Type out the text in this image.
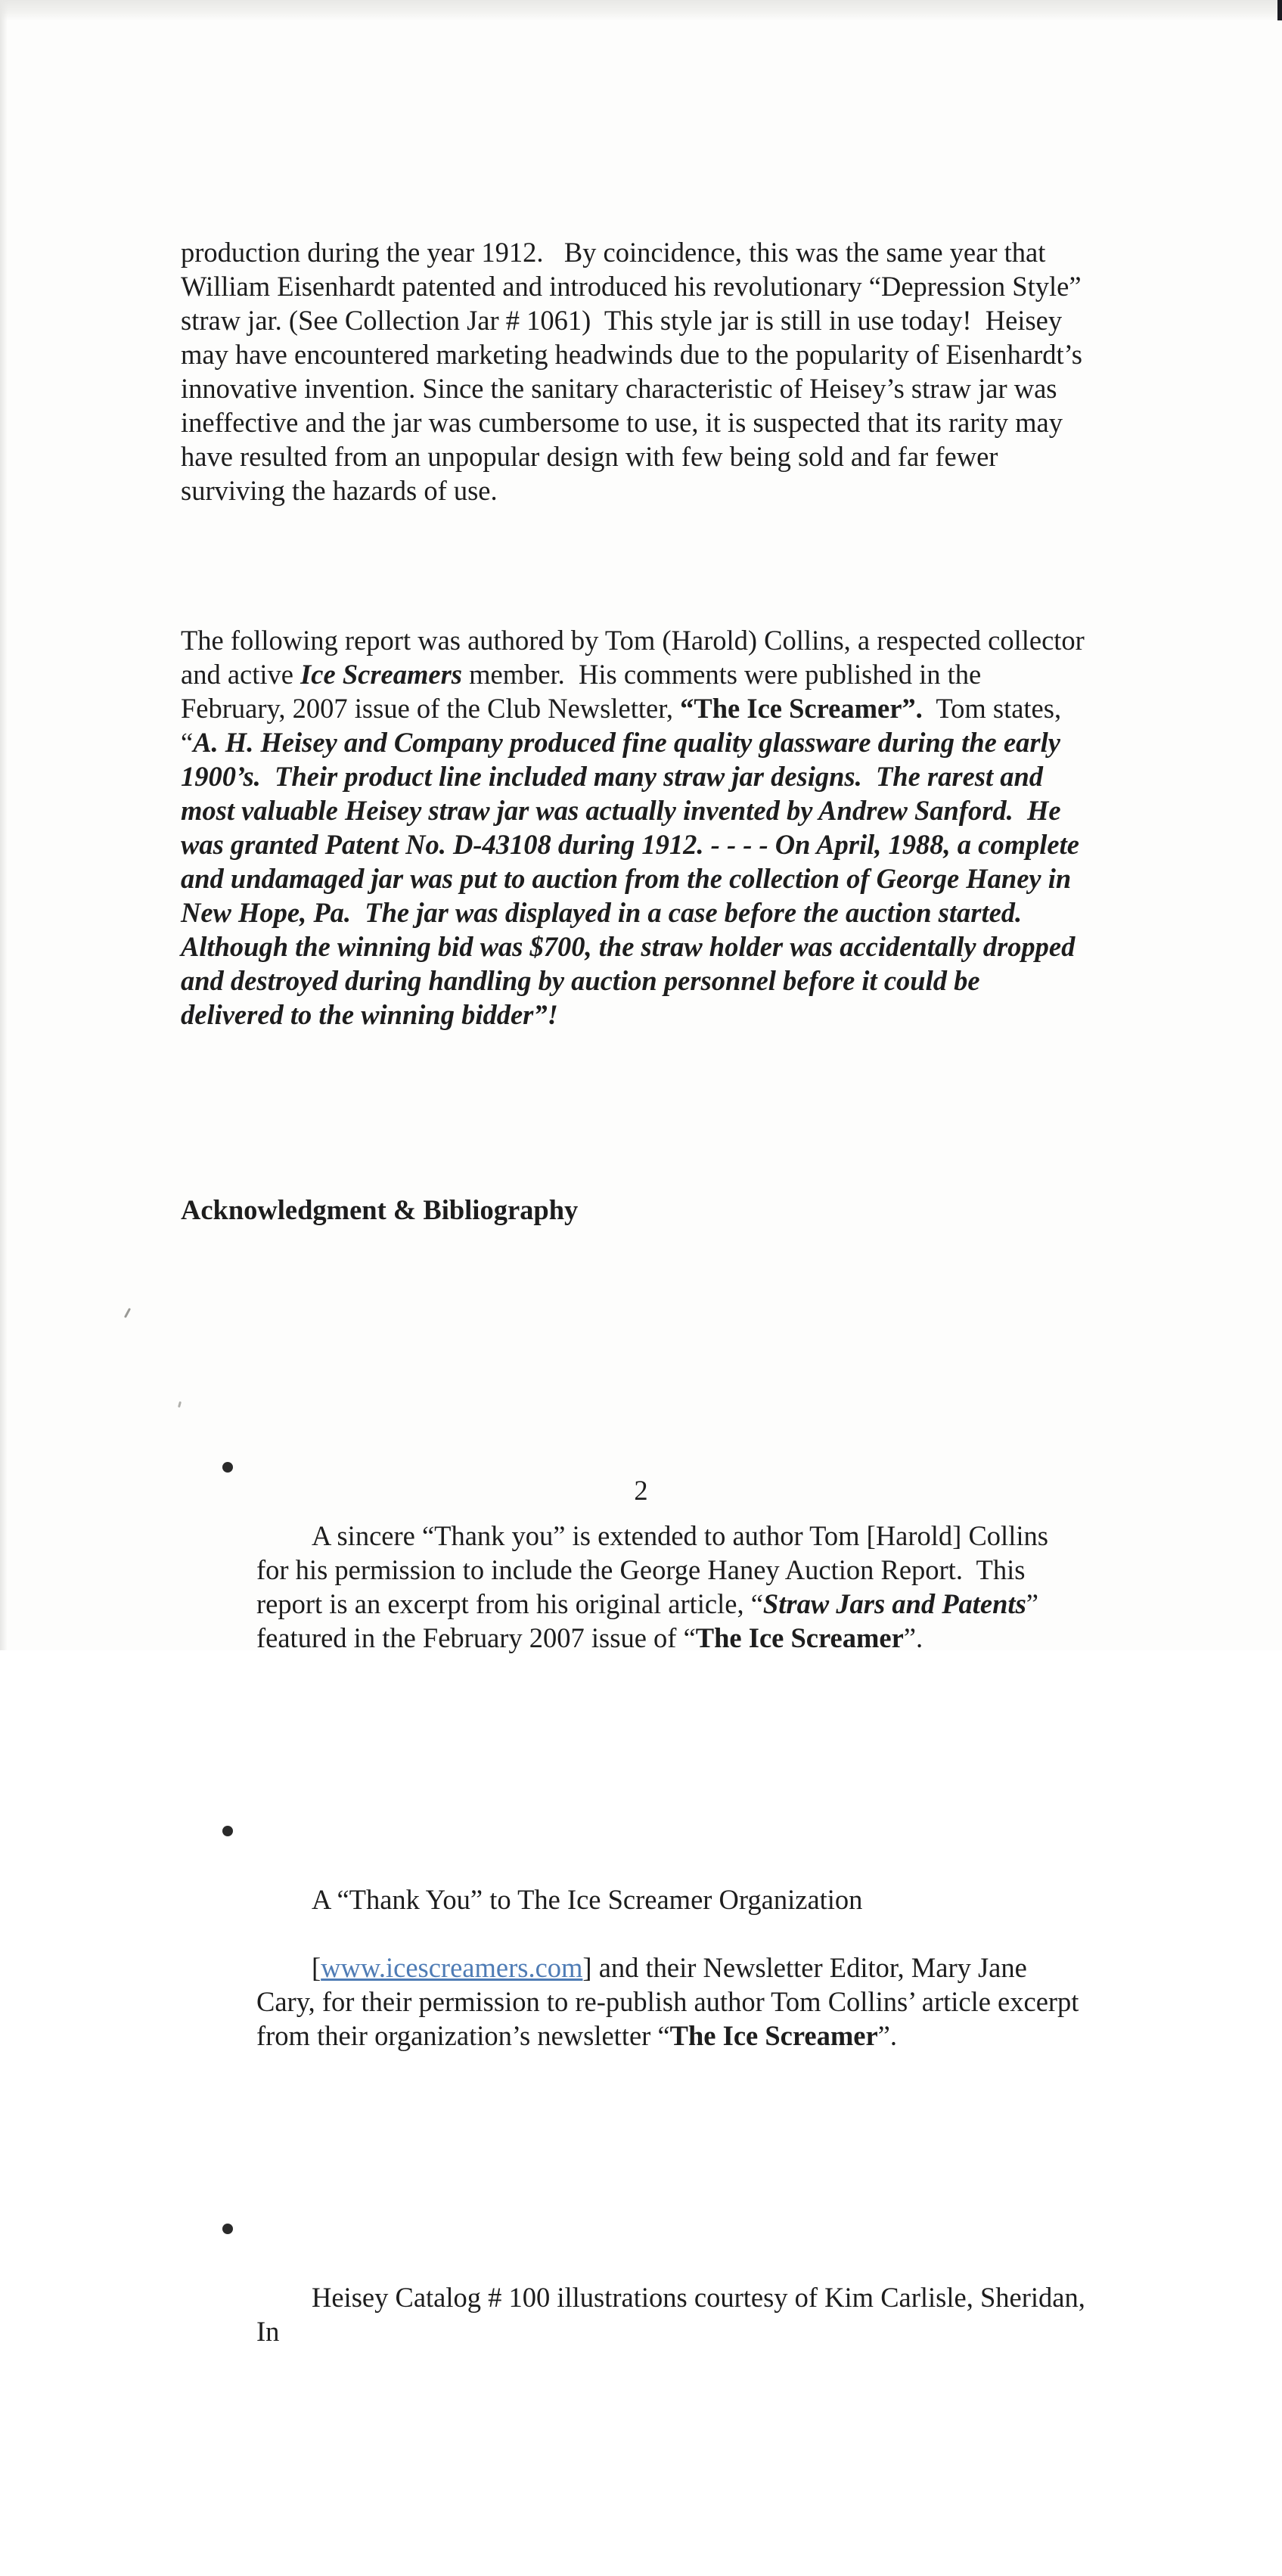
production during the year 1912.   By coincidence, this was the same year that William Eisenhardt patented and introduced his revolutionary “Depression Style” straw jar. (See Collection Jar # 1061)  This style jar is still in use today!  Heisey may have encountered marketing headwinds due to the popularity of Eisenhardt’s innovative invention. Since the sanitary characteristic of Heisey’s straw jar was ineffective and the jar was cumbersome to use, it is suspected that its rarity may have resulted from an unpopular design with few being sold and far fewer surviving the hazards of use.

The following report was authored by Tom (Harold) Collins, a respected collector and active Ice Screamers member.  His comments were published in the February, 2007 issue of the Club Newsletter, “The Ice Screamer”.  Tom states, “A. H. Heisey and Company produced fine quality glassware during the early 1900’s.  Their product line included many straw jar designs.  The rarest and most valuable Heisey straw jar was actually invented by Andrew Sanford.  He was granted Patent No. D-43108 during 1912. - - - - On April, 1988, a complete and undamaged jar was put to auction from the collection of George Haney in New Hope, Pa.  The jar was displayed in a case before the auction started.  Although the winning bid was $700, the straw holder was accidentally dropped and destroyed during handling by auction personnel before it could be delivered to the winning bidder”!

Acknowledgment & Bibliography

A sincere “Thank you” is extended to author Tom [Harold] Collins for his permission to include the George Haney Auction Report.  This report is an excerpt from his original article, “Straw Jars and Patents” featured in the February 2007 issue of “The Ice Screamer”.

A “Thank You” to The Ice Screamer Organization

[www.icescreamers.com] and their Newsletter Editor, Mary Jane Cary, for their permission to re-publish author Tom Collins’ article excerpt from their organization’s newsletter “The Ice Screamer”.

Heisey Catalog # 100 illustrations courtesy of Kim Carlisle, Sheridan, In

2
